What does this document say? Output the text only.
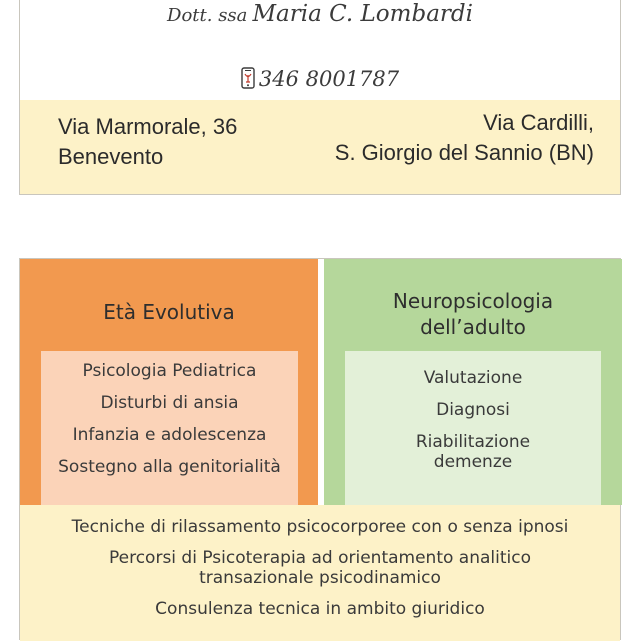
Dott. ssa Maria C. Lombardi
346 8001787
Via Marmorale, 36
Benevento
Via Cardilli,
S. Giorgio del Sannio (BN)
Età Evolutiva
Psicologia Pediatrica
Disturbi di ansia
Infanzia e adolescenza
Sostegno alla genitorialità
Neuropsicologia
dell’adulto
Valutazione
Diagnosi
Riabilitazione
demenze
Tecniche di rilassamento psicocorporee con o senza ipnosi
Percorsi di Psicoterapia ad orientamento analitico
transazionale psicodinamico
Consulenza tecnica in ambito giuridico
